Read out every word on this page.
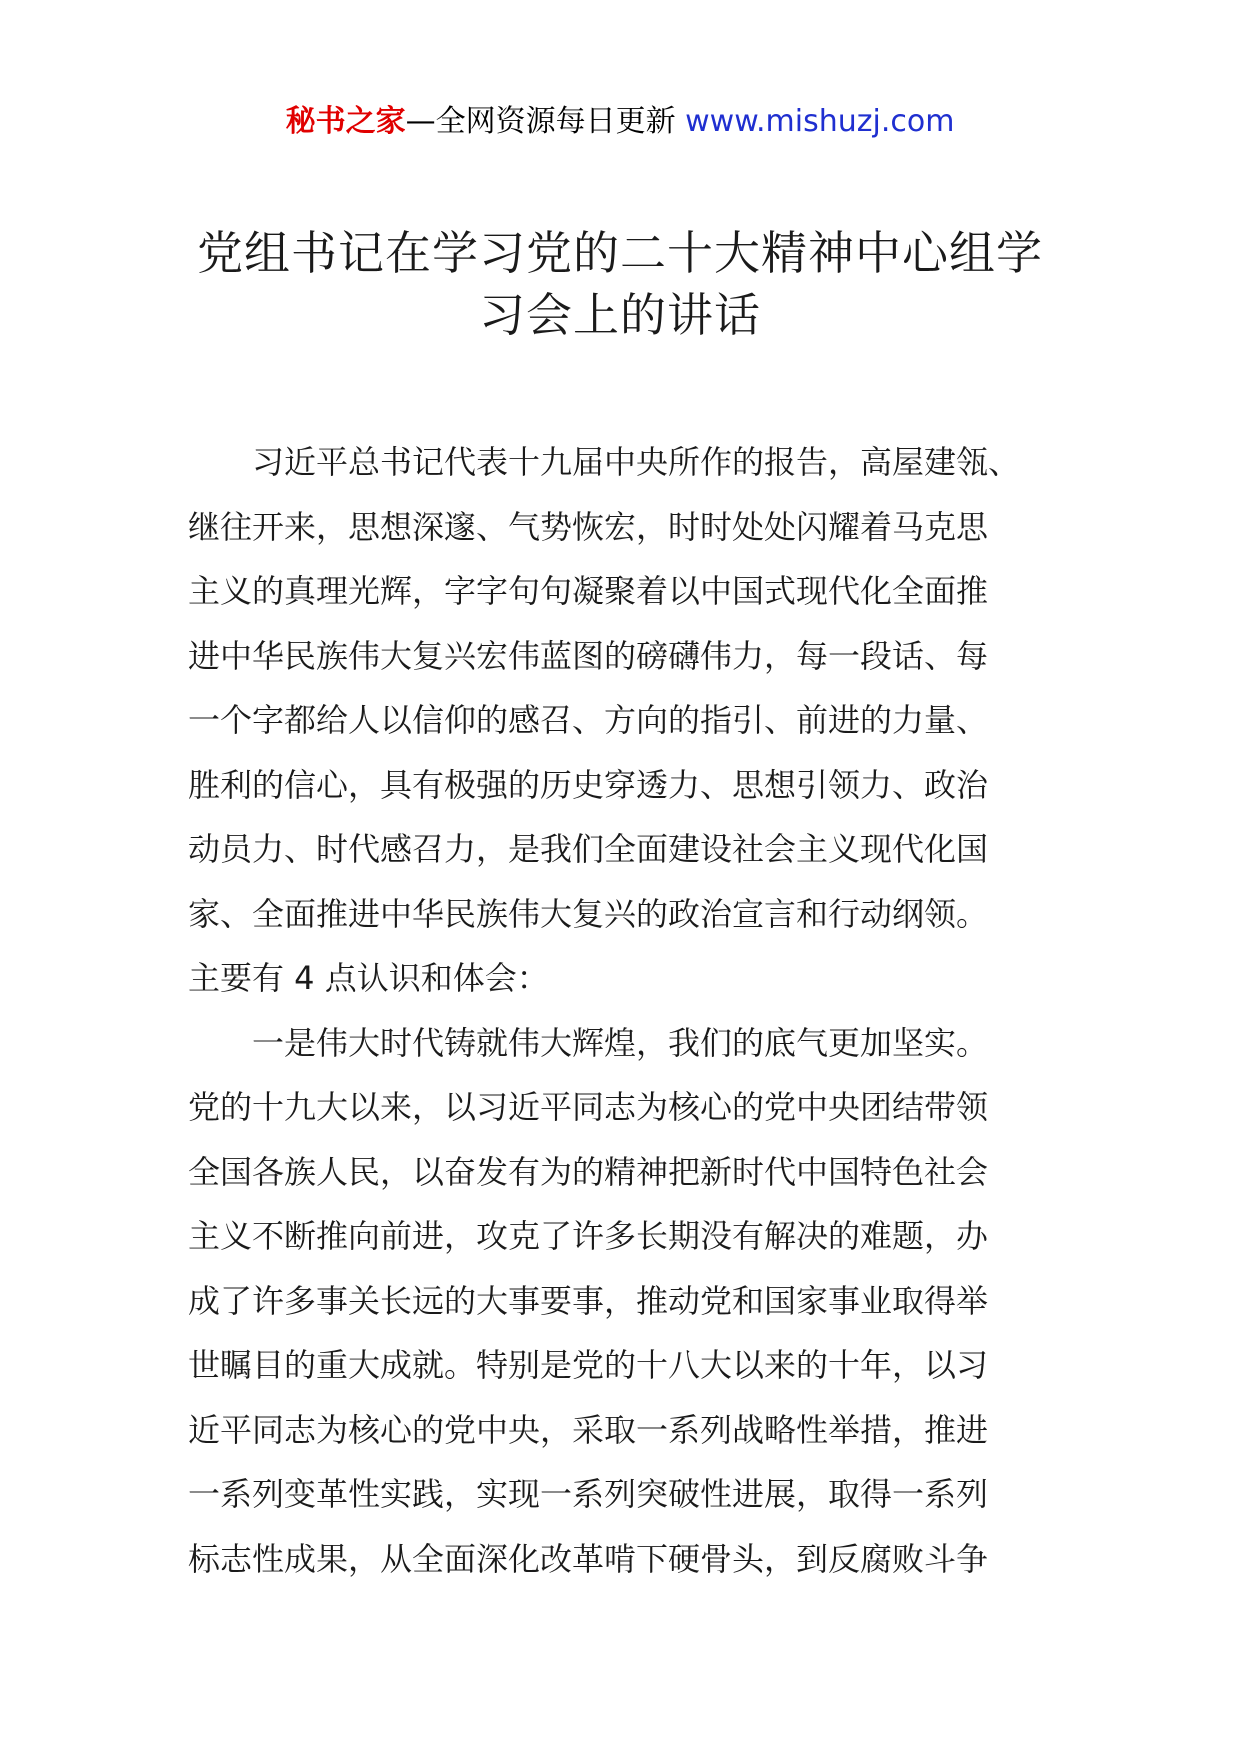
秘书之家—全网资源每日更新 www.mishuzj.com
党组书记在学习党的二十大精神中心组学
习会上的讲话
习近平总书记代表十九届中央所作的报告，高屋建瓴、
继往开来，思想深邃、气势恢宏，时时处处闪耀着马克思
主义的真理光辉，字字句句凝聚着以中国式现代化全面推
进中华民族伟大复兴宏伟蓝图的磅礴伟力，每一段话、每
一个字都给人以信仰的感召、方向的指引、前进的力量、
胜利的信心，具有极强的历史穿透力、思想引领力、政治
动员力、时代感召力，是我们全面建设社会主义现代化国
家、全面推进中华民族伟大复兴的政治宣言和行动纲领。
主要有 4 点认识和体会：
一是伟大时代铸就伟大辉煌，我们的底气更加坚实。
党的十九大以来，以习近平同志为核心的党中央团结带领
全国各族人民，以奋发有为的精神把新时代中国特色社会
主义不断推向前进，攻克了许多长期没有解决的难题，办
成了许多事关长远的大事要事，推动党和国家事业取得举
世瞩目的重大成就。特别是党的十八大以来的十年，以习
近平同志为核心的党中央，采取一系列战略性举措，推进
一系列变革性实践，实现一系列突破性进展，取得一系列
标志性成果，从全面深化改革啃下硬骨头，到反腐败斗争
